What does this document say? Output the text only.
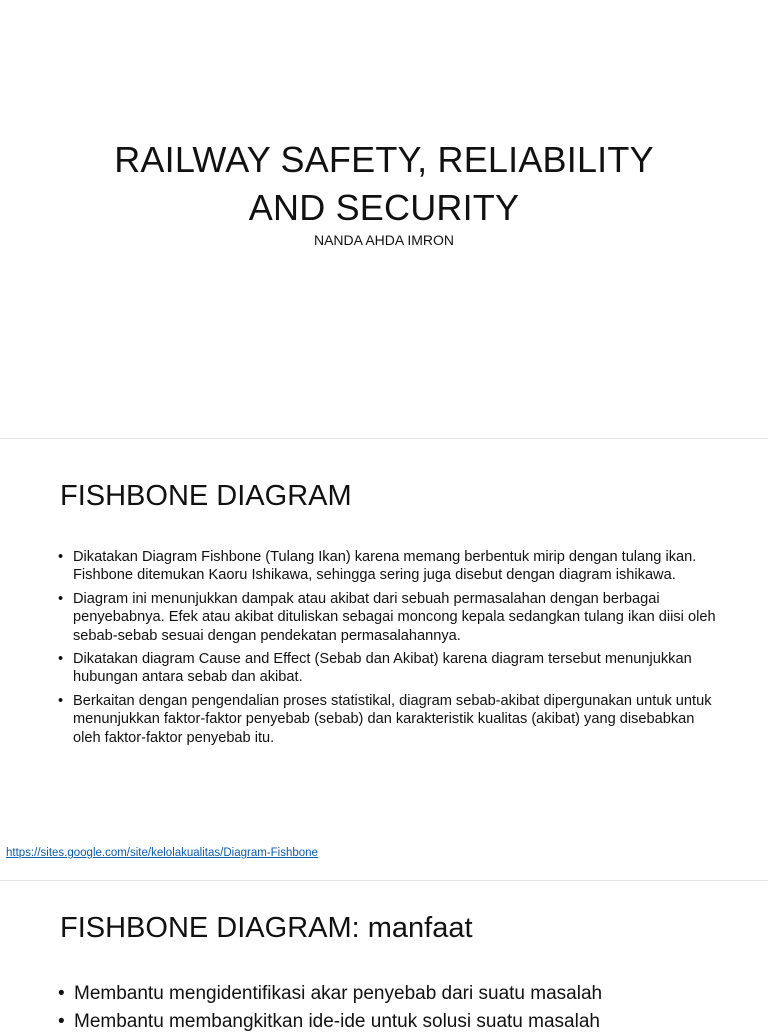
RAILWAY SAFETY, RELIABILITY
AND SECURITY
NANDA AHDA IMRON
FISHBONE DIAGRAM
• Dikatakan Diagram Fishbone (Tulang Ikan) karena memang berbentuk mirip dengan tulang ikan. Fishbone ditemukan Kaoru Ishikawa, sehingga sering juga disebut dengan diagram ishikawa.
• Diagram ini menunjukkan dampak atau akibat dari sebuah permasalahan dengan berbagai penyebabnya. Efek atau akibat dituliskan sebagai moncong kepala sedangkan tulang ikan diisi oleh sebab-sebab sesuai dengan pendekatan permasalahannya.
• Dikatakan diagram Cause and Effect (Sebab dan Akibat) karena diagram tersebut menunjukkan hubungan antara sebab dan akibat.
• Berkaitan dengan pengendalian proses statistikal, diagram sebab-akibat dipergunakan untuk untuk menunjukkan faktor-faktor penyebab (sebab) dan karakteristik kualitas (akibat) yang disebabkan oleh faktor-faktor penyebab itu.
https://sites.google.com/site/kelolakualitas/Diagram-Fishbone
FISHBONE DIAGRAM: manfaat
• Membantu mengidentifikasi akar penyebab dari suatu masalah
• Membantu membangkitkan ide-ide untuk solusi suatu masalah
